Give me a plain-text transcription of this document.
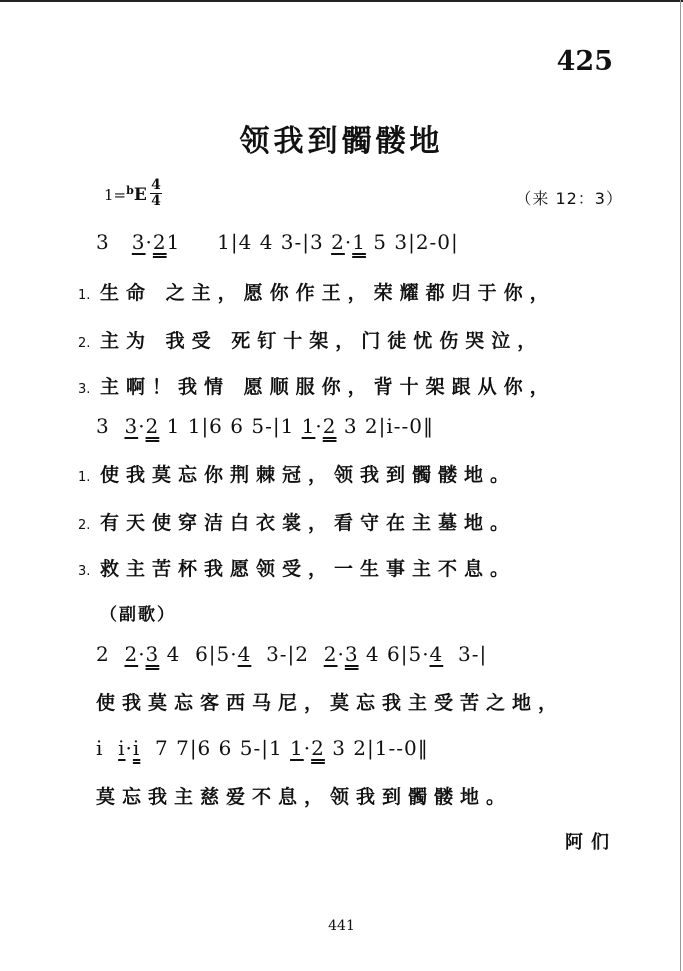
425
领我到髑髅地
1=$^b$E 4
4	（来 12：3）
3   3·21     1|4 4 3-|3 2·1 5 3|2-0|
1. 生命 之主，愿你作王，荣耀都归于你，
2. 主为 我受 死钉十架，门徒忧伤哭泣，
3. 主啊！我情 愿顺服你，背十架跟从你，
3  3·2 1 1|6 6 5-|1 1·2 3 2|i--0‖
1. 使我莫忘你荆棘冠，领我到髑髅地。
2. 有天使穿洁白衣裳，看守在主墓地。
3. 救主苦杯我愿领受，一生事主不息。
（副歌）
2  2·3 4  6|5·4  3-|2  2·3 4 6|5·4  3-|
使我莫忘客西马尼，莫忘我主受苦之地，
i  i·i  7 7|6 6 5-|1 1·2 3 2|1--0‖
莫忘我主慈爱不息，领我到髑髅地。
阿们
441
